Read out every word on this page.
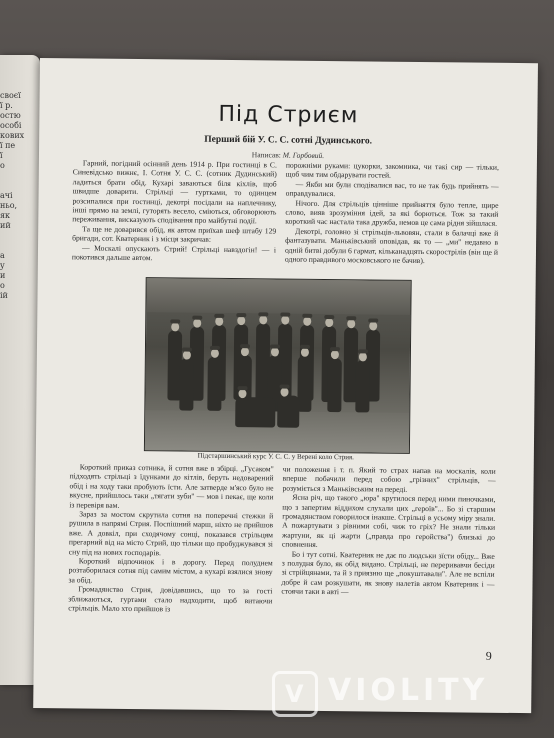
своєї
ї р.
остю
особі
кових
ї пе
ї
о
ачі
ньо,
як
ий
а
у
и
о
ій
Під Стриєм
Перший бій У. С. С. сотні Дудинського.
Написав: М. Горбовий.

Гарний, погідний осінний день 1914 р. При гостинці в С. Синевідсько вижнє, І. Сотня У. С. С. (сотник Дудинський) ладиться брати обід. Кухарі заваються біля кіхлів, щоб швидше доварити. Стрільці — гуртками, то одинцем розсипалися при гостинці, декотрі посідали на наплечнику, інші прямо на землі, гуторять весело, сміються, обговорюють переживання, висказують сподівання про майбутні події.

Та ще не доварився обід, як автом приїхав шеф штабу 129 бригади, сот. Кватерник і з місця закричав:

— Москалі опускають Стрий! Стрільці навздогін! — і покотився дальше автом.

порожніми руками: цукорки, закомника, чи такі сир — тільки, щоб чим тим обдарувати гостей.

— Якби ми були сподівалися вас, то не так будь прийнять — оправдувалися.

Нічого. Для стрільців цінніше прийняття було тепле, щире слово, вияв зрозуміння ідей, за які борються. Тож за такий короткий час настала така дружба, немов це сама рідня зійшлася.

Декотрі, головно зі стрільців-львовян, стали в балачці вже й фантазувати. Маньківський оповідав, як то — „ми" недавно в одній битві добули 6 гармат, кільканадцять скорострілів (він ще й одного правдивого московського не бачив).

Підстаршинський курс У. С. С. у Верені коло Стрия.

Короткий приказ сотника, й сотня вже в збірці. „Гусаком" підходять стрільці з їдунками до кітлів, беруть недоварений обід і на ходу таки пробують їсти. Але затверде м'ясо було не вкусне, прийшлось таки „тягати зуби" — мов і пекає, ще коли із перевіря вам.

Зараз за мостом скрутила сотня на поперечні стежки й рушила в напрямі Стрия. Поспішний марш, ніхто не прийшов вже. А довкіл, при сходячому сонці, показався стрільцям прегарний від на місто Стрий, що тільки що пробуджувався зі сну під на нових господарів.

Короткий відпочинок і в дорогу. Перед полуднем розтаборилася сотня під самим містом, а кухарі взялися знову за обід.

Громадянство Стрия, довідавшись, що то за гості зближаються, гуртами стало надходити, щоб витаючи стрільців. Мало хто прийшов із

чи положення і т. п. Який то страх напав на москалів, коли вперше побачили перед собою „грізних" стрільців, — розуміється з Маньківським на переді.

Ясна річ, що такого „юра" крутилося перед ними пиночками, що з запертим віддихом слухали цих „героїв"... Бо зі старшим громадянством говорилося інакше. Стрільці в усьому міру знали. А пожартувати з рівними собі, чиж то гріх? Не знали тільки жартуни, як ці жарти („правда про геройства") близькі до сповнення.

Бо і тут сотні. Кватерник не дає по людськи зїсти обіду... Вже з полудня було, як обід видано. Стрільці, не переривавчи бесіди зі стрійцянами, та й з приязню ще „покуштавали". Але не вспіли добре й сам розкушати, як знову налетів автом Кватерник і — стоячи таки в авті —

9
V VIOLITY
